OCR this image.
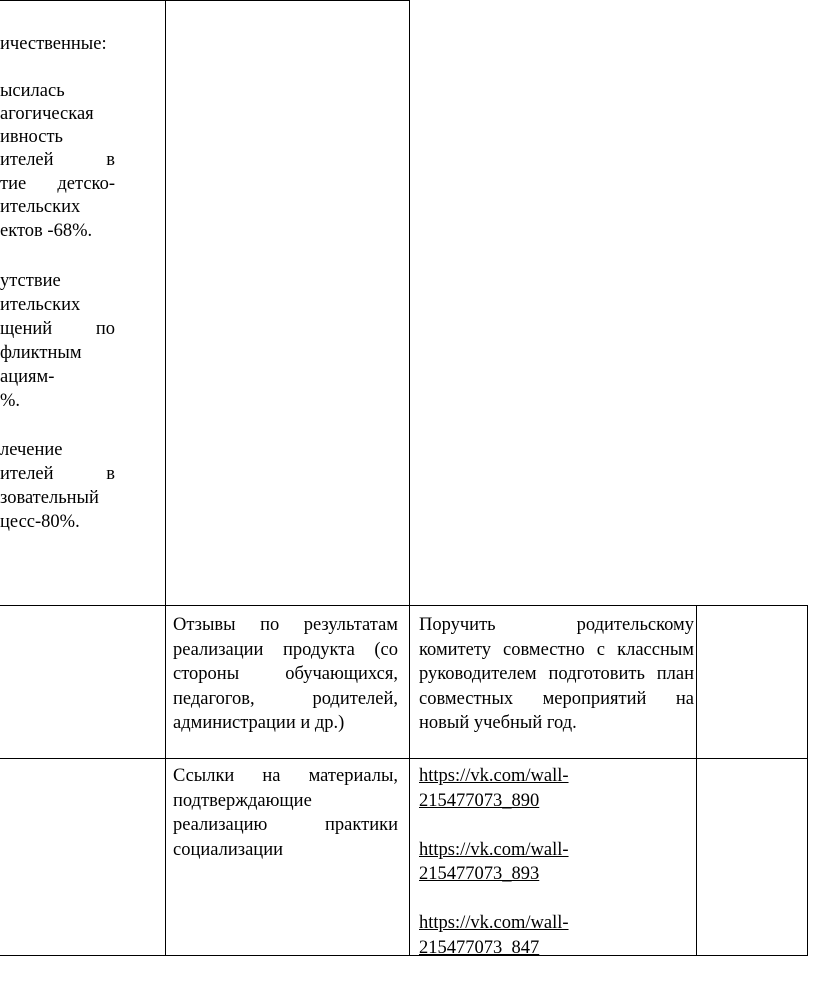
ичественные:
ысилась
агогическая
ивность
ителей в
тие детско-
ительских
ектов -68%.
утствие
ительских
щений по
фликтным
ациям-
%.
лечение
ителей в
зовательный
цесс-80%.

Отзывы по результатам реализации продукта (со стороны обучающихся, педагогов, родителей, администрации и др.)

Поручить родительскому комитету совместно с классным руководителем подготовить план совместных мероприятий на новый учебный год.

Ссылки на материалы, подтверждающие реализацию практики социализации

https://vk.com/wall-
215477073_890
https://vk.com/wall-
215477073_893
https://vk.com/wall-
215477073_847
